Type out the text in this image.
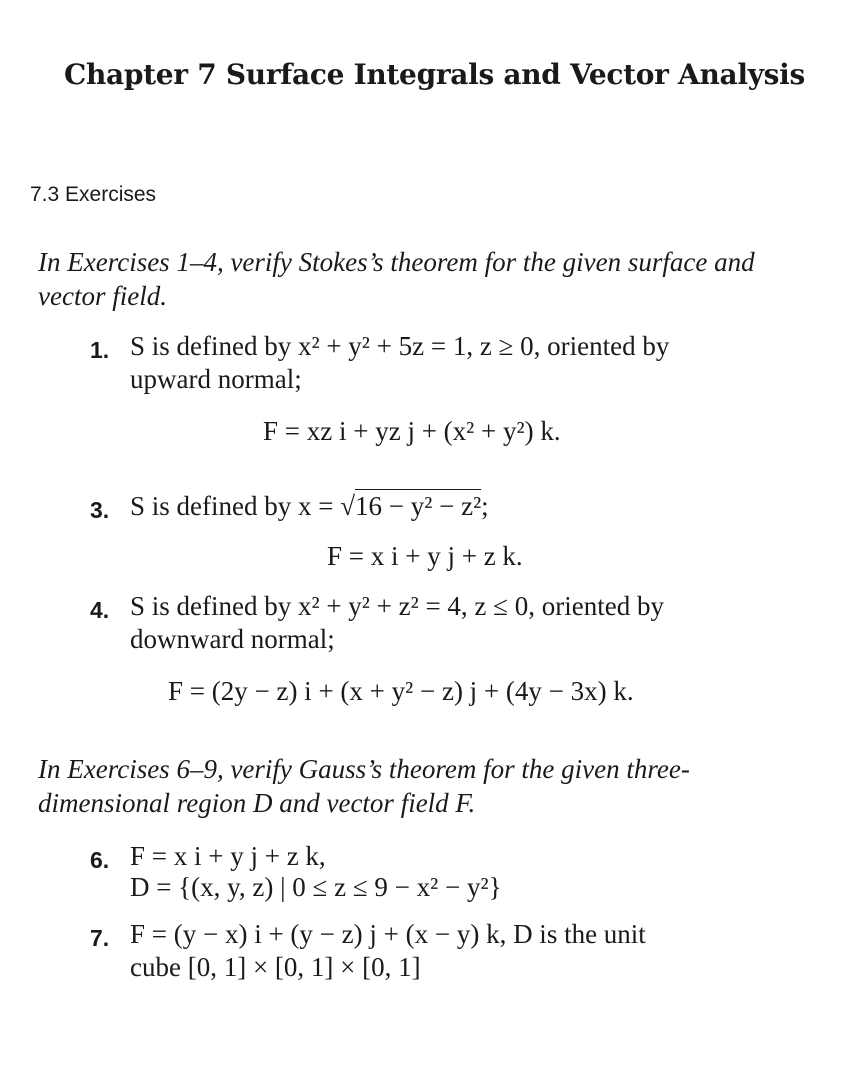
Chapter 7 Surface Integrals and Vector Analysis
7.3 Exercises
In Exercises 1–4, verify Stokes’s theorem for the given surface and vector field.
1. S is defined by x² + y² + 5z = 1, z ≥ 0, oriented by
upward normal;
F = xz i + yz j + (x² + y²) k.
3. S is defined by x = √16 − y² − z²;
F = x i + y j + z k.
4. S is defined by x² + y² + z² = 4, z ≤ 0, oriented by
downward normal;
F = (2y − z) i + (x + y² − z) j + (4y − 3x) k.
In Exercises 6–9, verify Gauss’s theorem for the given three-dimensional region D and vector field F.
6. F = x i + y j + z k,
D = {(x, y, z) | 0 ≤ z ≤ 9 − x² − y²}
7. F = (y − x) i + (y − z) j + (x − y) k, D is the unit
cube [0, 1] × [0, 1] × [0, 1]
